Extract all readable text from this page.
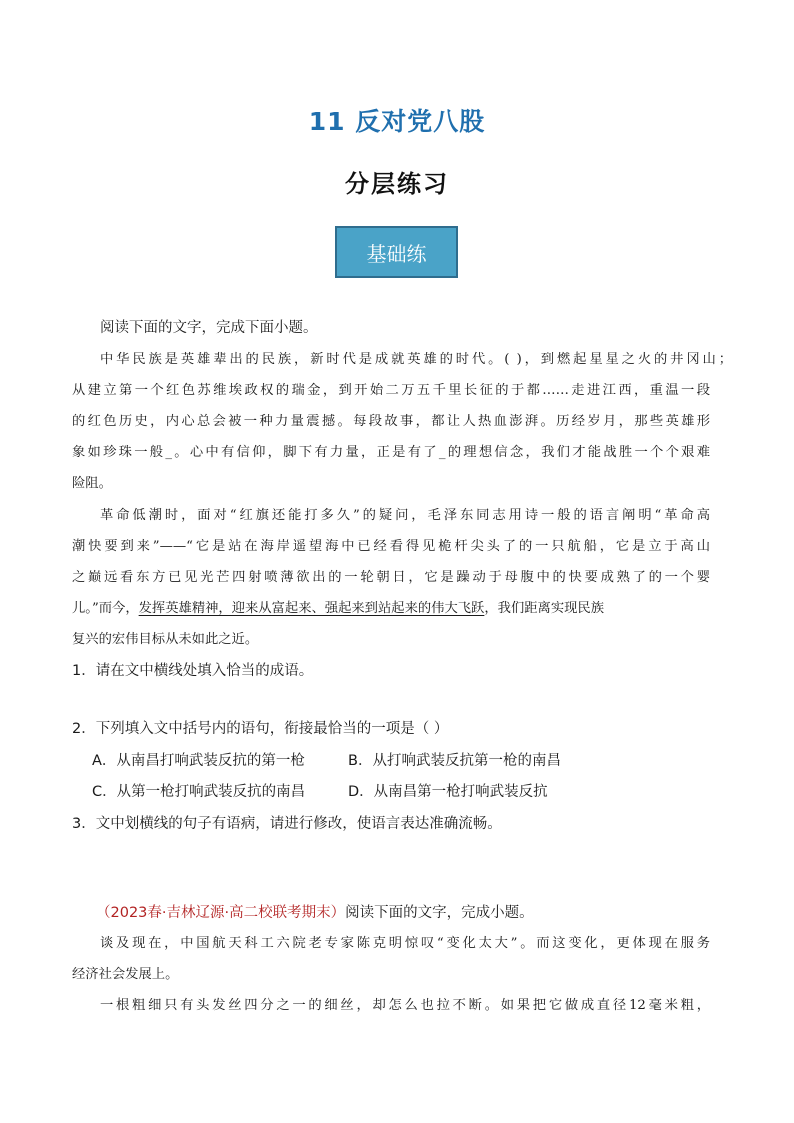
11 反对党八股
分层练习
基础练
阅读下面的文字，完成下面小题。
中华民族是英雄辈出的民族，新时代是成就英雄的时代。( )，到燃起星星之火的井冈山；
从建立第一个红色苏维埃政权的瑞金，到开始二万五千里长征的于都……走进江西，重温一段
的红色历史，内心总会被一种力量震撼。每段故事，都让人热血澎湃。历经岁月，那些英雄形
象如珍珠一般_。心中有信仰，脚下有力量，正是有了_的理想信念，我们才能战胜一个个艰难
险阻。
革命低潮时，面对“红旗还能打多久”的疑问，毛泽东同志用诗一般的语言阐明“革命高
潮快要到来”——“它是站在海岸遥望海中已经看得见桅杆尖头了的一只航船，它是立于高山
之巅远看东方已见光芒四射喷薄欲出的一轮朝日，它是躁动于母腹中的快要成熟了的一个婴
儿。”而今，发挥英雄精神，迎来从富起来、强起来到站起来的伟大飞跃，我们距离实现民族
复兴的宏伟目标从未如此之近。
1．请在文中横线处填入恰当的成语。
2．下列填入文中括号内的语句，衔接最恰当的一项是（ ）
A．从南昌打响武装反抗的第一枪	B．从打响武装反抗第一枪的南昌
C．从第一枪打响武装反抗的南昌	D．从南昌第一枪打响武装反抗
3．文中划横线的句子有语病，请进行修改，使语言表达准确流畅。
（2023春·吉林辽源·高二校联考期末）阅读下面的文字，完成小题。
谈及现在，中国航天科工六院老专家陈克明惊叹“变化太大”。而这变化，更体现在服务
经济社会发展上。
一根粗细只有头发丝四分之一的细丝，却怎么也拉不断。如果把它做成直径12毫米粗，
